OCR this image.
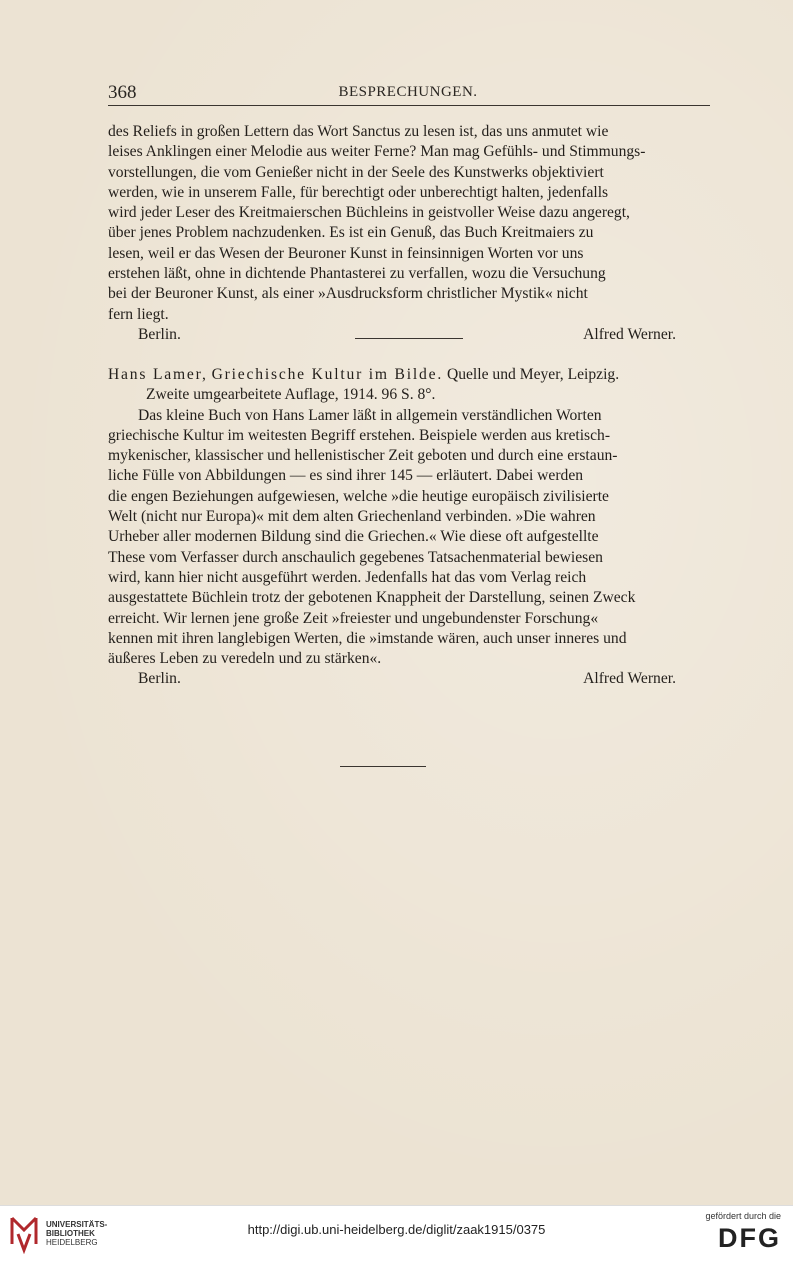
368	BESPRECHUNGEN.

des Reliefs in großen Lettern das Wort Sanctus zu lesen ist, das uns anmutet wie

leises Anklingen einer Melodie aus weiter Ferne? Man mag Gefühls- und Stimmungs-

vorstellungen, die vom Genießer nicht in der Seele des Kunstwerks objektiviert

werden, wie in unserem Falle, für berechtigt oder unberechtigt halten, jedenfalls

wird jeder Leser des Kreitmaierschen Büchleins in geistvoller Weise dazu angeregt,

über jenes Problem nachzudenken. Es ist ein Genuß, das Buch Kreitmaiers zu

lesen, weil er das Wesen der Beuroner Kunst in feinsinnigen Worten vor uns

erstehen läßt, ohne in dichtende Phantasterei zu verfallen, wozu die Versuchung

bei der Beuroner Kunst, als einer »Ausdrucksform christlicher Mystik« nicht

fern liegt.

Berlin.	Alfred Werner.

Hans Lamer, Griechische Kultur im Bilde. Quelle und Meyer, Leipzig.

Zweite umgearbeitete Auflage, 1914. 96 S. 8°.

Das kleine Buch von Hans Lamer läßt in allgemein verständlichen Worten

griechische Kultur im weitesten Begriff erstehen. Beispiele werden aus kretisch-

mykenischer, klassischer und hellenistischer Zeit geboten und durch eine erstaun-

liche Fülle von Abbildungen — es sind ihrer 145 — erläutert. Dabei werden

die engen Beziehungen aufgewiesen, welche »die heutige europäisch zivilisierte

Welt (nicht nur Europa)« mit dem alten Griechenland verbinden. »Die wahren

Urheber aller modernen Bildung sind die Griechen.« Wie diese oft aufgestellte

These vom Verfasser durch anschaulich gegebenes Tatsachenmaterial bewiesen

wird, kann hier nicht ausgeführt werden. Jedenfalls hat das vom Verlag reich

ausgestattete Büchlein trotz der gebotenen Knappheit der Darstellung, seinen Zweck

erreicht. Wir lernen jene große Zeit »freiester und ungebundenster Forschung«

kennen mit ihren langlebigen Werten, die »imstande wären, auch unser inneres und

äußeres Leben zu veredeln und zu stärken«.

Berlin.	Alfred Werner.
UNIVERSITÄTS-
BIBLIOTHEK
HEIDELBERG
http://digi.ub.uni-heidelberg.de/diglit/zaak1915/0375
gefördert durch die
DFG
